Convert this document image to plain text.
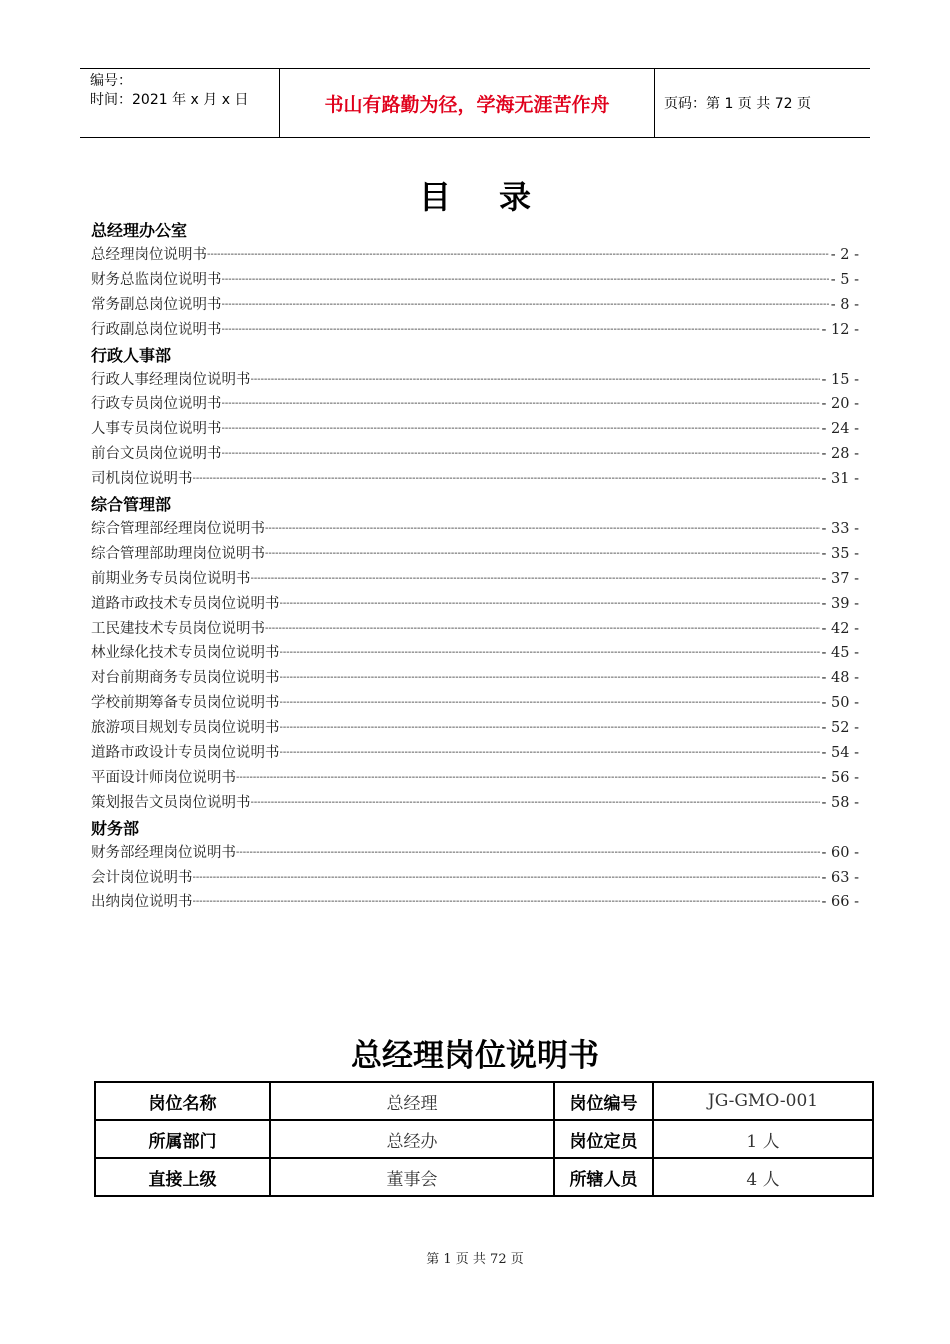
编号：
时间：2021 年 x 月 x 日	书山有路勤为径，学海无涯苦作舟	页码：第 1 页 共 72 页
目录
总经理办公室
总经理岗位说明书 -----	- 2 -
财务总监岗位说明书 -----	- 5 -
常务副总岗位说明书 -----	- 8 -
行政副总岗位说明书 -----	- 12 -
行政人事部
行政人事经理岗位说明书 -----	- 15 -
行政专员岗位说明书 -----	- 20 -
人事专员岗位说明书 -----	- 24 -
前台文员岗位说明书 -----	- 28 -
司机岗位说明书 -----	- 31 -
综合管理部
综合管理部经理岗位说明书 -----	- 33 -
综合管理部助理岗位说明书 -----	- 35 -
前期业务专员岗位说明书 -----	- 37 -
道路市政技术专员岗位说明书 -----	- 39 -
工民建技术专员岗位说明书 -----	- 42 -
林业绿化技术专员岗位说明书 -----	- 45 -
对台前期商务专员岗位说明书 -----	- 48 -
学校前期筹备专员岗位说明书 -----	- 50 -
旅游项目规划专员岗位说明书 -----	- 52 -
道路市政设计专员岗位说明书 -----	- 54 -
平面设计师岗位说明书 -----	- 56 -
策划报告文员岗位说明书 -----	- 58 -
财务部
财务部经理岗位说明书 -----	- 60 -
会计岗位说明书 -----	- 63 -
出纳岗位说明书 -----	- 66 -
总经理岗位说明书
岗位名称	总经理	岗位编号	JG-GMO-001
所属部门	总经办	岗位定员	1 人
直接上级	董事会	所辖人员	4 人
第 1 页 共 72 页
